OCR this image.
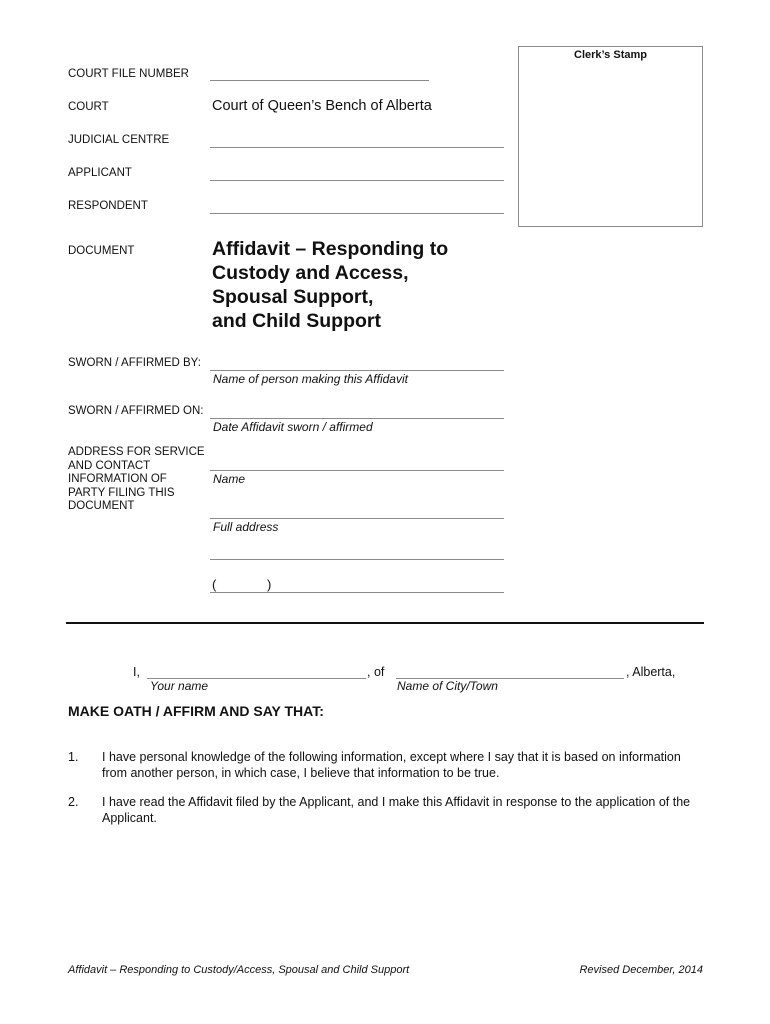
Clerk’s Stamp
COURT FILE NUMBER
COURT	Court of Queen’s Bench of Alberta
JUDICIAL CENTRE
APPLICANT
RESPONDENT
DOCUMENT	Affidavit – Responding to
Custody and Access,
Spousal Support,
and Child Support
SWORN / AFFIRMED BY:
Name of person making this Affidavit
SWORN / AFFIRMED ON:
Date Affidavit sworn / affirmed
ADDRESS FOR SERVICE
AND CONTACT
INFORMATION OF
PARTY FILING THIS
DOCUMENT
Name
Full address
(	)
I,	, of	, Alberta,
Your name	Name of City/Town
MAKE OATH / AFFIRM AND SAY THAT:
1. I have personal knowledge of the following information, except where I say that it is based on information from another person, in which case, I believe that information to be true.
2. I have read the Affidavit filed by the Applicant, and I make this Affidavit in response to the application of the Applicant.
Affidavit – Responding to Custody/Access, Spousal and Child Support	Revised December, 2014
